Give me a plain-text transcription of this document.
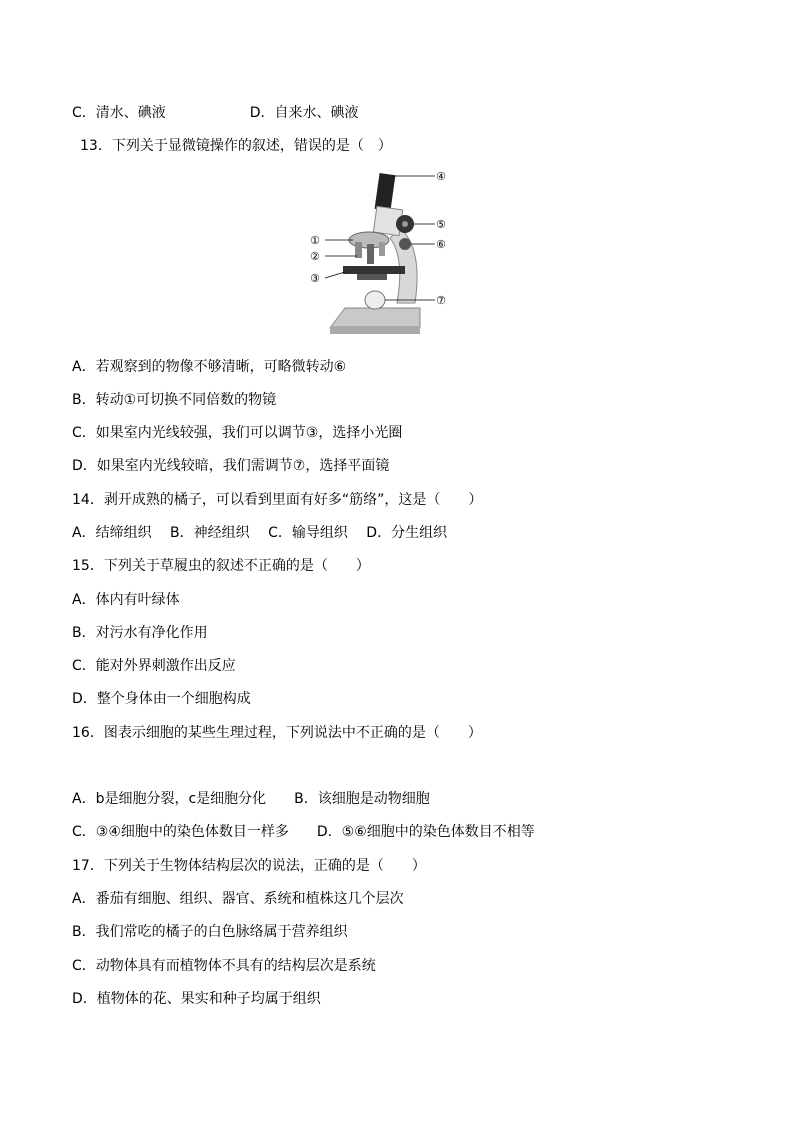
C．清水、碘液　　　　　　D．自来水、碘液
13．下列关于显微镜操作的叙述，错误的是（　）
④
⑤
⑥
①
②
③
⑦
A．若观察到的物像不够清晰，可略微转动⑥
B．转动①可切换不同倍数的物镜
C．如果室内光线较强，我们可以调节③，选择小光圈
D．如果室内光线较暗，我们需调节⑦，选择平面镜
14．剥开成熟的橘子，可以看到里面有好多“筋络”，这是（　　）
A．结缔组织　 B．神经组织　 C．输导组织　 D．分生组织
15．下列关于草履虫的叙述不正确的是（　　）
A．体内有叶绿体
B．对污水有净化作用
C．能对外界刺激作出反应
D．整个身体由一个细胞构成
16．图表示细胞的某些生理过程，下列说法中不正确的是（　　）
A．b是细胞分裂，c是细胞分化　　B．该细胞是动物细胞
C．③④细胞中的染色体数目一样多　　D．⑤⑥细胞中的染色体数目不相等
17．下列关于生物体结构层次的说法，正确的是（　　）
A．番茄有细胞、组织、器官、系统和植株这几个层次
B．我们常吃的橘子的白色脉络属于营养组织
C．动物体具有而植物体不具有的结构层次是系统
D．植物体的花、果实和种子均属于组织
